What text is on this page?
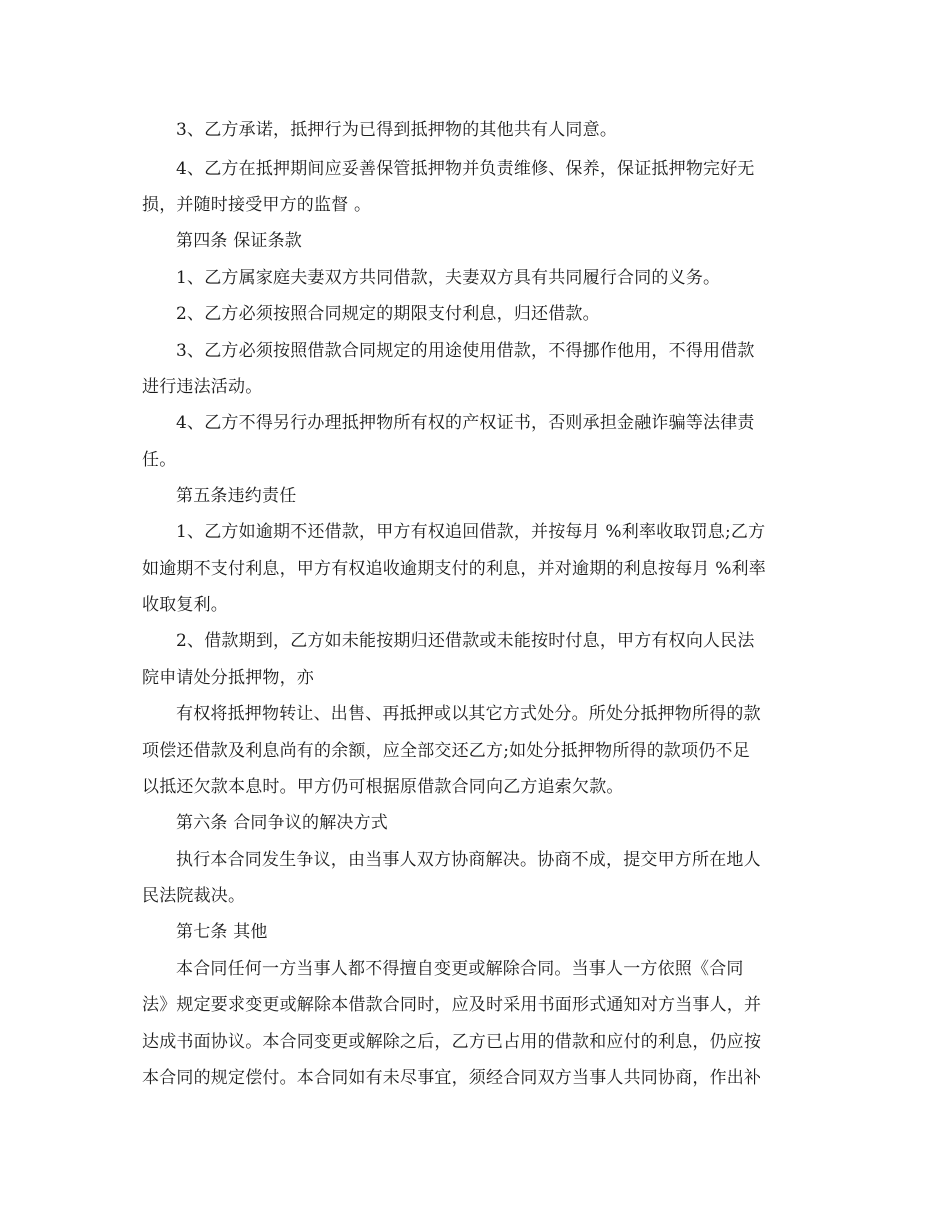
3、乙方承诺，抵押行为已得到抵押物的其他共有人同意。
4、乙方在抵押期间应妥善保管抵押物并负责维修、保养，保证抵押物完好无
损，并随时接受甲方的监督 。
第四条 保证条款
1、乙方属家庭夫妻双方共同借款，夫妻双方具有共同履行合同的义务。
2、乙方必须按照合同规定的期限支付利息，归还借款。
3、乙方必须按照借款合同规定的用途使用借款，不得挪作他用，不得用借款
进行违法活动。
4、乙方不得另行办理抵押物所有权的产权证书，否则承担金融诈骗等法律责
任。
第五条违约责任
1、乙方如逾期不还借款，甲方有权追回借款，并按每月 %利率收取罚息;乙方
如逾期不支付利息，甲方有权追收逾期支付的利息，并对逾期的利息按每月 %利率
收取复利。
2、借款期到，乙方如未能按期归还借款或未能按时付息，甲方有权向人民法
院申请处分抵押物，亦
有权将抵押物转让、出售、再抵押或以其它方式处分。所处分抵押物所得的款
项偿还借款及利息尚有的余额，应全部交还乙方;如处分抵押物所得的款项仍不足
以抵还欠款本息时。甲方仍可根据原借款合同向乙方追索欠款。
第六条 合同争议的解决方式
执行本合同发生争议，由当事人双方协商解决。协商不成，提交甲方所在地人
民法院裁决。
第七条 其他
本合同任何一方当事人都不得擅自变更或解除合同。当事人一方依照《合同
法》规定要求变更或解除本借款合同时，应及时采用书面形式通知对方当事人，并
达成书面协议。本合同变更或解除之后，乙方已占用的借款和应付的利息，仍应按
本合同的规定偿付。本合同如有未尽事宜，须经合同双方当事人共同协商，作出补
